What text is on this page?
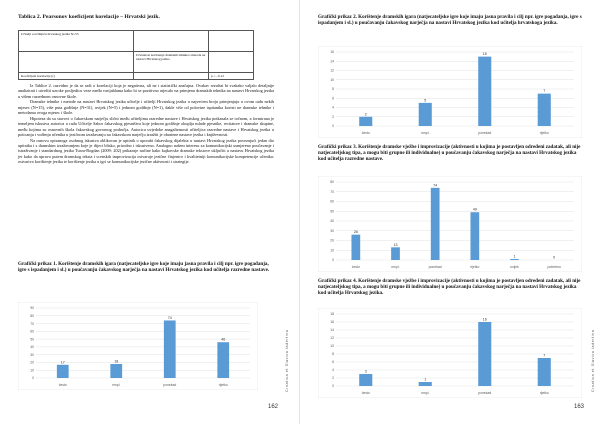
Tablica 2. Pearsonov koeficijent korelacije – Hrvatski jezik.
Učitelji u učilnjšcu hrvatskog jezika N=55		
	Učestalost korištenja dramskih tehnika i metoda na nastavi Hrvatskog jezika	
Koeficijent korelacije (r)		p = –0,12

Iz Tablice 2. razvidno je da se radi o korelaciji koja je negativna, ali ne i statistički značajna. Ovakav rezultat bi svakako valjalo detaljnije analizirati i utvrditi uzroke posljedicu veze među varijablama kako bi se pozitivno utjecalo na primjenu dramskih tehnika na nastavi Hrvatskog jezika u višem razrednom osnovne škole.

Dramske tehnike i metode na nastavi Hrvatskog jezika učitelje i učitelji Hrvatskog jezika u najvećem broju primjenjuju u ovom radu nekih mjesec (N=15), više puta godišnje (N=31), uvijek (N=5) i jednom godišnje (N=1), dakle više od polovine ispitanika koristi ne dramske tehnike i metodama ovoga mjesec i škole.

Hipoteza da su stavovi o čakavskom narječju slični među učiteljima razredne nastave i Hrvatskog jezika potkazala se točnom, a formirana je temeljem iskustva autorica u radu Učitelje Sabor čakavskog pjesništva koje jednom godišnje okuplja mlade pjesnike, recitatore i dramske skupine, među kojima su osnovnih škola čakavskog govornog područja. Autorica uvjedoke anagalizmosti učiteljica razredne nastave i Hrvatskog jezika u poticanju i vođenju učenika u jezičnom izražavanju na čakavskom narječju izražiti je obratene nastave jezika i književnosti.

Na osnovu opisanoga osobnog iskustva oblikovan je upitnik o uporabi čakavskog dijalekta u nastavi Hrvatskog jezika povezujući jedan dio upitnika i s dramskim izražavanjem koje je dijeci bliskо, prirodno i iskustveno. Analogno našem interesu za komunikacijski usmjereno poučavanje i istraživanje i standardnog jezika Turza-Bogdan (2009: 202) prikazuje načine kako kajkavske dramske tekstove uklјučiti u nastavu Hrvatskog jezika jer kako da upravo putem dramskog teksta i scenskih improvizacija ostvaruje jezične činjenice i kvalitetniji komunikacijske kompetencije učenika: ostvarivo korištenje jezika te korištenje jezika u igri se komunikacijske jezične aktivnosti i strategije.

Grafički prikaz 1. Korištenje dramskih igara (natjecateljske igre koje imaju jasna pravila i cilj npr. igre pogađanja, igre s ispadanjem i sl.) u poučavanju čakavskog narječja na nastavi Hrvatskog jezika kod učitelja razredne nastave.

0
10
20
30
40
50
60
70
80
90
17
često
18
mnpl.
74
ponekad
46
rijetko	Croatica et Slavica Iadertina
162

Grafički prikaz 2. Korištenje dramskih igara (natjecateljske igre koje imaju jasna pravila i cilj npr. igre pogađanja, igre s ispadanjem i sl.) u poučavanju čakavskog narječja na nastavi Hrvatskog jezika kod učitelja hrvatskoga jezika.

0
2
4
6
8
10
12
14
16
2
često
5
mnpl.
15
ponekad
7
rijetko

Grafički prikaz 3. Korištenje dramske vježbe i improvizacije (aktivnosti u kojima je postavljen određeni zadatak, ali nije natjecateljskog tipa, a mogu biti grupne ili individualne) u poučavanju čakavskog narječja na nastavi Hrvatskog jezika kod učitelja razredne nastave.

0
10
20
30
40
50
60
70
80
26
često
13
mnpl.
74
ponekad
49
rijetko
1
uvijek
0
potrebno

Grafički prikaz 4. Korištenje dramske vježbe i improvizacije (aktivnosti u kojima je postavljen određeni zadatak, ali nije natjecateljskog tipa, a mogu biti grupne ili individualne) u poučavanju čakavskog narječja na nastavi Hrvatskog jezika kod učitelja Hrvatskog jezika.

0
2
4
6
8
10
12
14
16
18
3
često
1
mnpl.
16
ponekad
7
rijetko
Croatica et Slavica Iadertina
163
